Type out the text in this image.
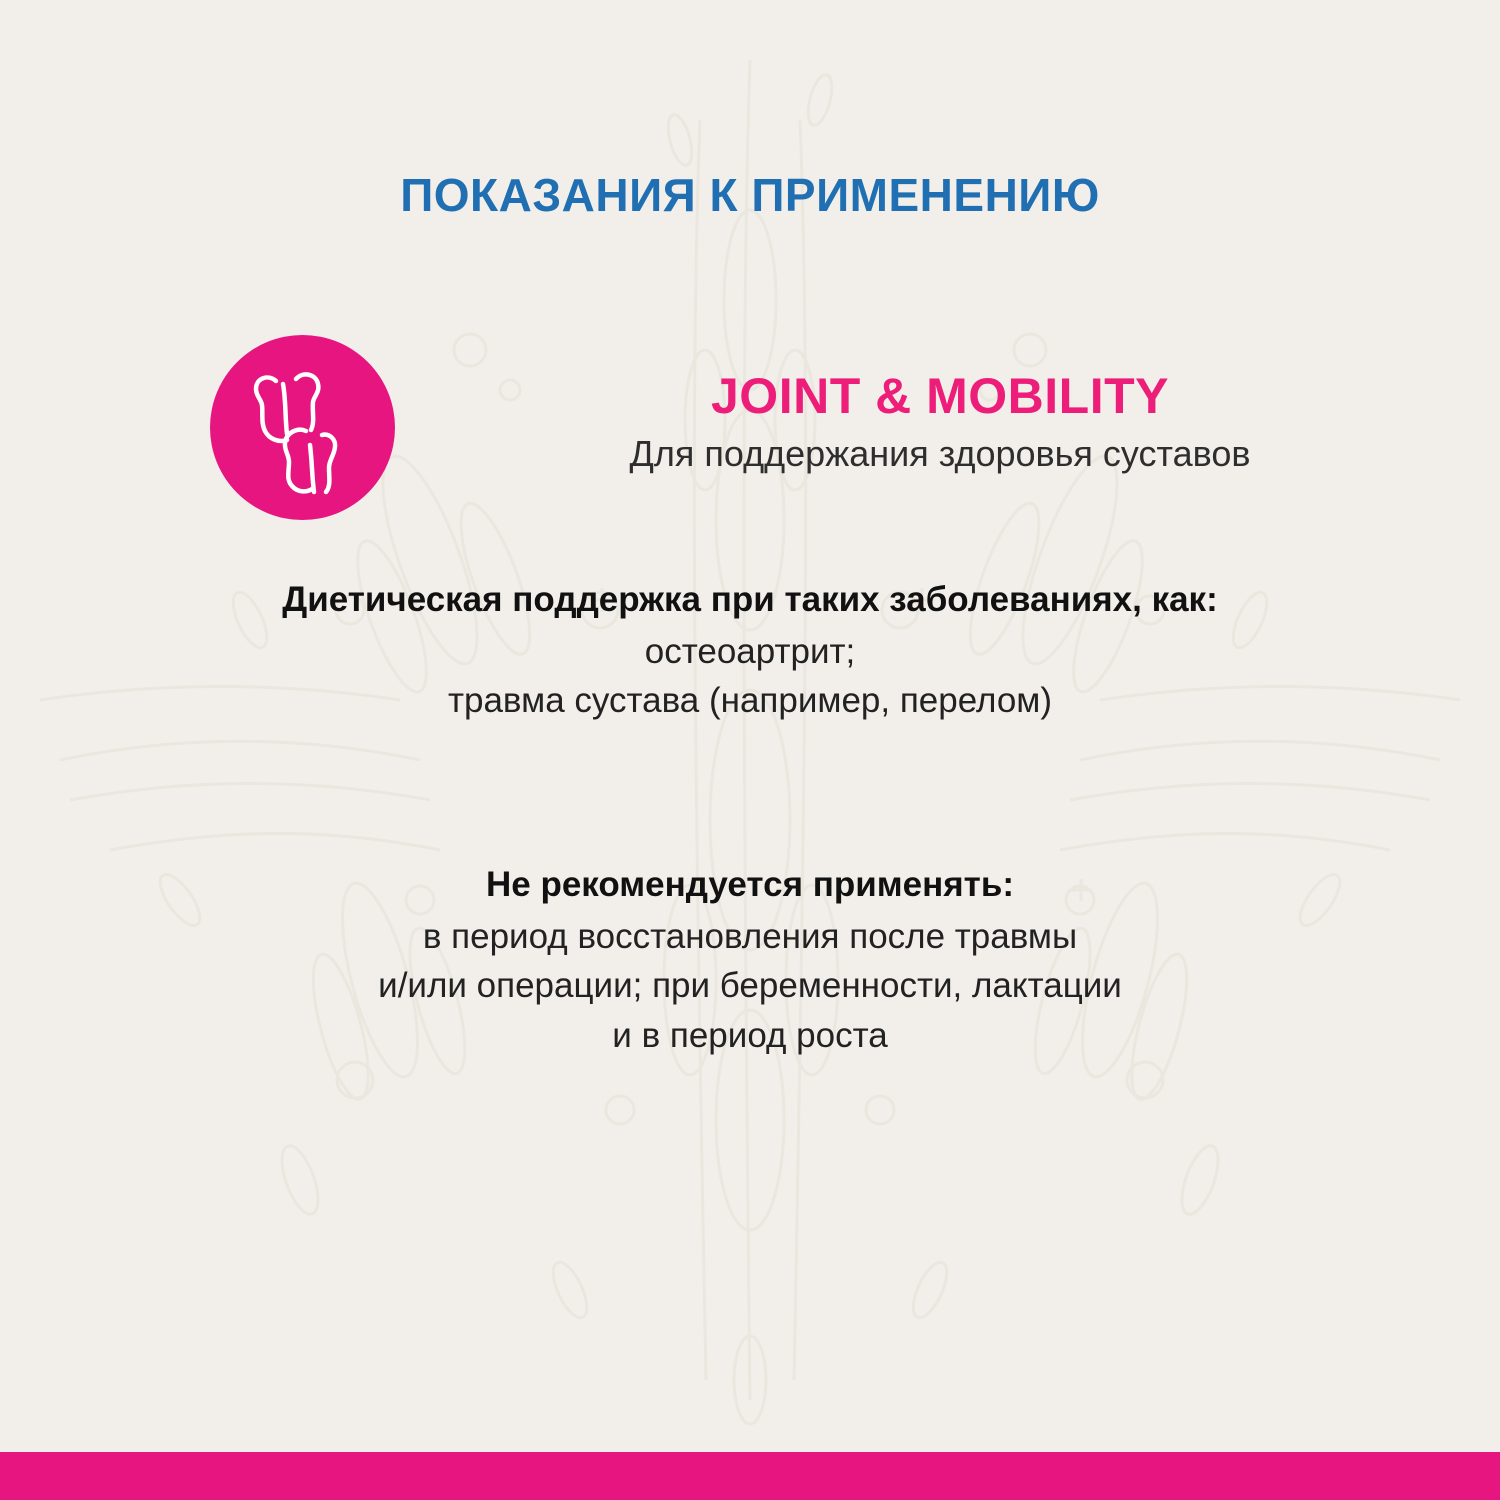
ПОКАЗАНИЯ К ПРИМЕНЕНИЮ
JOINT & MOBILITY
Для поддержания здоровья суставов
Диетическая поддержка при таких заболеваниях, как:
остеоартрит;
травма сустава (например, перелом)
Не рекомендуется применять:
в период восстановления после травмы
и/или операции; при беременности, лактации
и в период роста
